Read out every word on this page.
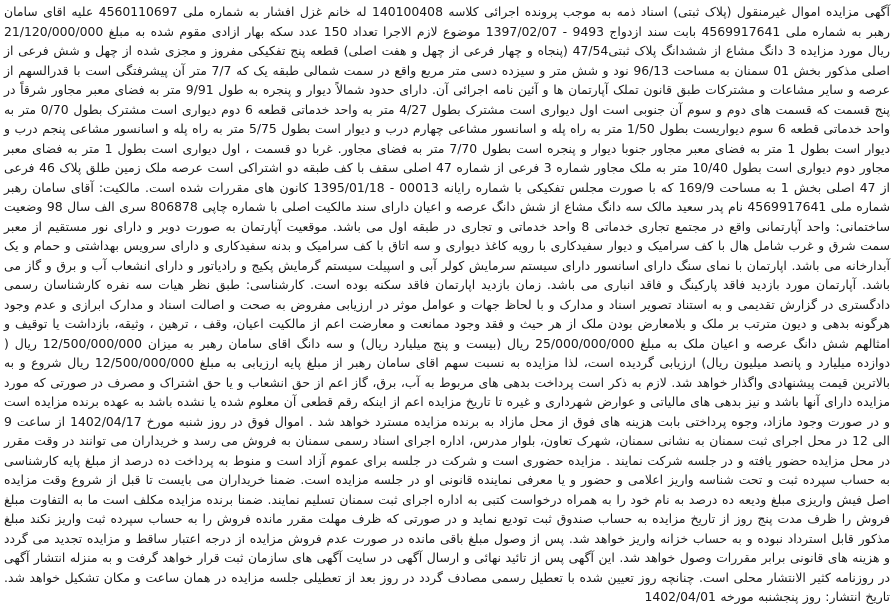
آگهی مزایده اموال غیرمنقول (پلاک ثبتی) اسناد ذمه به موجب پرونده اجرائی کلاسه 140100408 له خانم غزل افشار به شماره ملی 4560110697 علیه اقای سامان رهبر به شماره ملی 4569917641 بابت سند ازدواج 9493 - 1397/02/07 موضوع لازم الاجرا تعداد 150 عدد سکه بهار ازادی مقوم شده به مبلغ 21/120/000/000 ریال مورد مزایده 3 دانگ مشاع از ششدانگ پلاک ثبتی47/54 (پنجاه و چهار فرعی از چهل و هفت اصلی) قطعه پنج تفکیکی مفروز و مجزی شده از چهل و شش فرعی از اصلی مذکور بخش 01 سمنان به مساحت 96/13 نود و شش متر و سیزده دسی متر مربع واقع در سمت شمالی طبقه یک که 7/7 متر آن پیشرفتگی است با قدرالسهم از عرصه و سایر مشاعات و مشترکات طبق قانون تملک آپارتمان ها و آئین نامه اجرائی آن. دارای حدود شمالاً دیوار و پنجره به طول 9/91 متر به فضای معبر مجاور شرقاً در پنج قسمت که قسمت های دوم و سوم آن جنوبی است اول دیواری است مشترک بطول 4/27 متر به واحد خدماتی قطعه 6 دوم دیواری است مشترک بطول 0/70 متر به واحد خدماتی قطعه 6 سوم دیواریست بطول 1/50 متر به راه پله و اسانسور مشاعی چهارم درب و دیوار است بطول 5/75 متر به راه پله و اسانسور مشاعی پنجم درب و دیوار است بطول 1 متر به فضای معبر مجاور جنوبا دیوار و پنجره است بطول 7/70 متر به فضای مجاور. غربا دو قسمت ، اول دیواری است بطول 1 متر به فضای معبر مجاور دوم دیواری است بطول 10/40 متر به ملک مجاور شماره 3 فرعی از شماره 47 اصلی سقف با کف طبقه دو اشتراکی است عرصه ملک زمین طلق پلاک 46 فرعی از 47 اصلی بخش 1 به مساحت 169/9 که با صورت مجلس تفکیکی با شماره رایانه 00013 - 1395/01/18 کانون های مقررات شده است. مالکیت: آقای سامان رهبر شماره ملی 4569917641 نام پدر سعید مالک سه دانگ مشاع از شش دانگ عرصه و اعیان دارای سند مالکیت اصلی با شماره چاپی 806878 سری الف سال 98 وضعیت ساختمانی: واحد آپارتمانی واقع در مجتمع تجاری خدماتی 8 واحد خدماتی و تجاری در طبقه اول می باشد. موقعیت آپارتمان به صورت دوبر و دارای نور مستقیم از معبر سمت شرق و غرب شامل هال با کف سرامیک و دیوار سفیدکاری با رویه کاغذ دیواری و سه اتاق با کف سرامیک و بدنه سفیدکاری و دارای سرویس بهداشتی و حمام و یک آبدارخانه می باشد. اپارتمان با نمای سنگ دارای اسانسور دارای سیستم سرمایش کولر آبی و اسپیلت سیستم گرمایش پکیج و رادیاتور و دارای انشعاب آب و برق و گاز می باشد. آپارتمان مورد بازدید فاقد پارکینگ و فاقد انباری می باشد. زمان بازدید اپارتمان فاقد سکنه بوده است. کارشناسی: طبق نظر هیات سه نفره کارشناسان رسمی دادگستری در گزارش تقدیمی و به استناد تصویر اسناد و مدارک و با لحاظ جهات و عوامل موثر در ارزیابی مفروض به صحت و اصالت اسناد و مدارک ابرازی و عدم وجود هرگونه بدهی و دیون مترتب بر ملک و بلامعارض بودن ملک از هر حیث و فقد وجود ممانعت و معارضت اعم از مالکیت اعیان، وقف ، ترهین ، وثیقه، بازداشت یا توقیف و امثالهم شش دانگ عرصه و اعیان ملک به مبلغ 25/000/000/000 ریال (بیست و پنج میلیارد ریال) و سه دانگ اقای سامان رهبر به میزان 12/500/000/000 ریال ( دوازده میلیارد و پانصد میلیون ریال) ارزیابی گردیده است، لذا مزایده به نسبت سهم اقای سامان رهبر از مبلغ پایه ارزیابی به مبلغ 12/500/000/000 ریال شروع و به بالاترین قیمت پیشنهادی واگذار خواهد شد. لازم به ذکر است پرداخت بدهی های مربوط به آب، برق، گاز اعم از حق انشعاب و یا حق اشتراک و مصرف در صورتی که مورد مزایده دارای آنها باشد و نیز بدهی های مالیاتی و عوارض شهرداری و غیره تا تاریخ مزایده اعم از اینکه رقم قطعی آن معلوم شده یا نشده باشد به عهده برنده مزایده است و در صورت وجود مازاد، وجوه پرداختی بابت هزینه های فوق از محل مازاد به برنده مزایده مسترد خواهد شد . اموال فوق در روز شنبه مورخ 1402/04/17 از ساعت 9 الی 12 در محل اجرای ثبت سمنان به نشانی سمنان، شهرک تعاون، بلوار مدرس، اداره اجرای اسناد رسمی سمنان به فروش می رسد و خریداران می توانند در وقت مقرر در محل مزایده حضور یافته و در جلسه شرکت نمایند . مزایده حضوری است و شرکت در جلسه برای عموم آزاد است و منوط به پرداخت ده درصد از مبلغ پایه کارشناسی به حساب سپرده ثبت و تحت شناسه واریز اعلامی و حضور و یا معرفی نماینده قانونی او در جلسه مزایده است. ضمنا خریداران می بایست تا قبل از شروع وقت مزایده اصل فیش واریزی مبلغ ودیعه ده درصد به نام خود را به همراه درخواست کتبی به اداره اجرای ثبت سمنان تسلیم نمایند. ضمنا برنده مزایده مکلف است ما به التفاوت مبلغ فروش را ظرف مدت پنج روز از تاریخ مزایده به حساب صندوق ثبت تودیع نماید و در صورتی که ظرف مهلت مقرر مانده فروش را به حساب سپرده ثبت واریز نکند مبلغ مذکور قابل استرداد نبوده و به حساب خزانه واریز خواهد شد. پس از وصول مبلغ باقی مانده در صورت عدم فروش مزایده از درجه اعتبار ساقط و مزایده تجدید می گردد و هزینه های قانونی برابر مقررات وصول خواهد شد. این آگهی پس از تائید نهائی و ارسال آگهی در سایت آگهی های سازمان ثبت قرار خواهد گرفت و به منزله انتشار آگهی در روزنامه کثیر الانتشار محلی است. چنانچه روز تعیین شده با تعطیل رسمی مصادف گردد در روز بعد از تعطیلی جلسه مزایده در همان ساعت و مکان تشکیل خواهد شد. تاریخ انتشار: روز پنجشنبه مورخه 1402/04/01
